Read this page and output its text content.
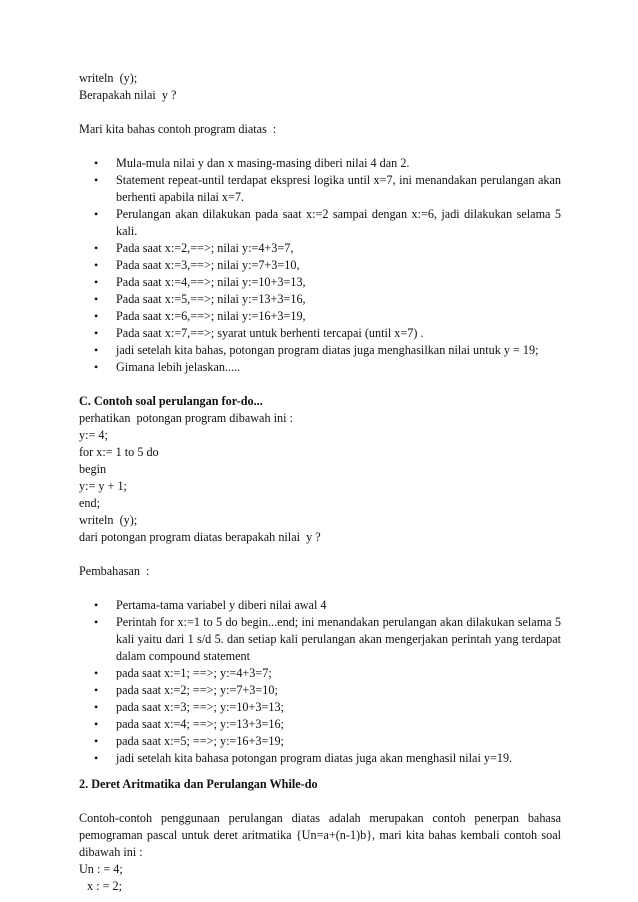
writeln  (y);

Berapakah nilai  y ?

Mari kita bahas contoh program diatas  :

• Mula-mula nilai y dan x masing-masing diberi nilai 4 dan 2.
• Statement repeat-until terdapat ekspresi logika until x=7, ini menandakan perulangan akan berhenti apabila nilai x=7.
• Perulangan akan dilakukan pada saat x:=2 sampai dengan x:=6, jadi dilakukan selama 5 kali.
• Pada saat x:=2,==>; nilai y:=4+3=7,
• Pada saat x:=3,==>; nilai y:=7+3=10,
• Pada saat x:=4,==>; nilai y:=10+3=13,
• Pada saat x:=5,==>; nilai y:=13+3=16,
• Pada saat x:=6,==>; nilai y:=16+3=19,
• Pada saat x:=7,==>; syarat untuk berhenti tercapai (until x=7) .
• jadi setelah kita bahas, potongan program diatas juga menghasilkan nilai untuk y = 19;
• Gimana lebih jelaskan.....

C. Contoh soal perulangan for-do...

perhatikan  potongan program dibawah ini :

y:= 4;

for x:= 1 to 5 do

begin

y:= y + 1;

end;

writeln  (y);

dari potongan program diatas berapakah nilai  y ?

Pembahasan  :

• Pertama-tama variabel y diberi nilai awal 4
• Perintah for x:=1 to 5 do begin...end; ini menandakan perulangan akan dilakukan selama 5 kali yaitu dari 1 s/d 5. dan setiap kali perulangan akan mengerjakan perintah yang terdapat dalam compound statement
• pada saat x:=1; ==>; y:=4+3=7;
• pada saat x:=2; ==>; y:=7+3=10;
• pada saat x:=3; ==>; y:=10+3=13;
• pada saat x:=4; ==>; y:=13+3=16;
• pada saat x:=5; ==>; y:=16+3=19;
• jadi setelah kita bahasa potongan program diatas juga akan menghasil nilai y=19.

2. Deret Aritmatika dan Perulangan While-do

Contoh-contoh penggunaan perulangan diatas adalah merupakan contoh penerpan bahasa pemograman pascal untuk deret aritmatika {Un=a+(n-1)b}, mari kita bahas kembali contoh soal dibawah ini :

Un : = 4;

x : = 2;
